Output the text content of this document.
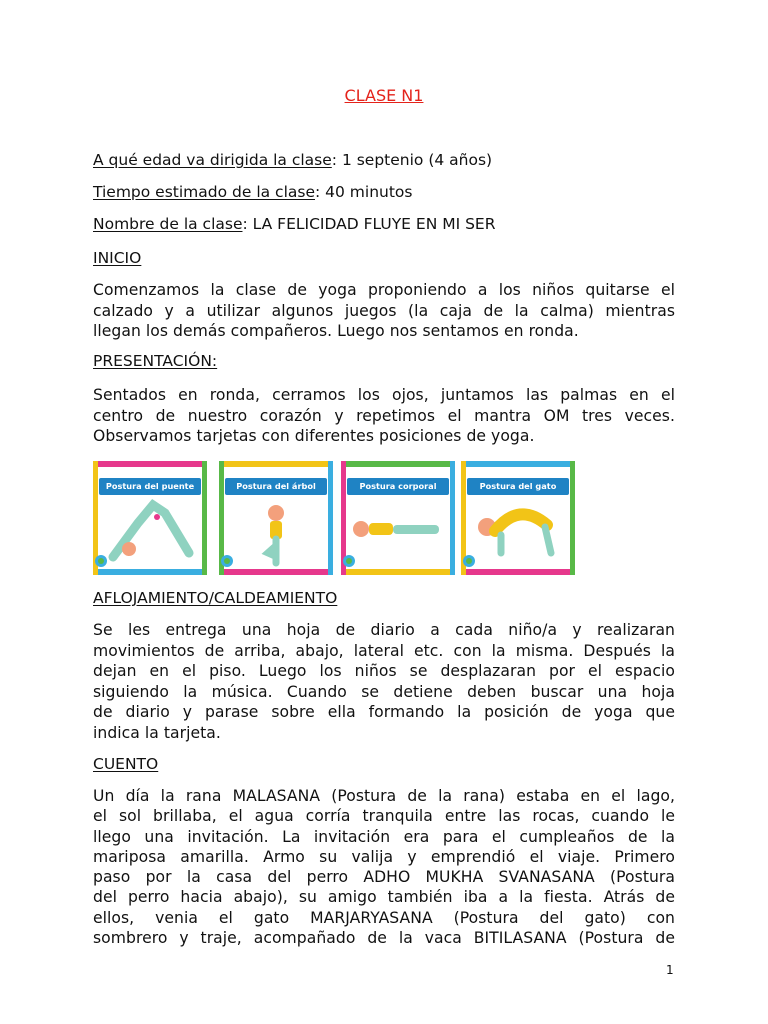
CLASE N1
A qué edad va dirigida la clase: 1 septenio (4 años)
Tiempo estimado de la clase: 40 minutos
Nombre de la clase: LA FELICIDAD FLUYE EN MI SER
INICIO
Comenzamos la clase de yoga proponiendo a los niños quitarse el
calzado y a utilizar algunos juegos (la caja de la calma) mientras
llegan los demás compañeros. Luego nos sentamos en ronda.
PRESENTACIÓN:
Sentados en ronda, cerramos los ojos, juntamos las palmas en el
centro de nuestro corazón y repetimos el mantra OM tres veces.
Observamos tarjetas con diferentes posiciones de yoga.
Postura del puente	Postura del árbol	Postura corporal	Postura del gato
AFLOJAMIENTO/CALDEAMIENTO
Se les entrega una hoja de diario a cada niño/a y realizaran
movimientos de arriba, abajo, lateral etc. con la misma. Después la
dejan en el piso. Luego los niños se desplazaran por el espacio
siguiendo la música. Cuando se detiene deben buscar una hoja
de diario y parase sobre ella formando la posición de yoga que
indica la tarjeta.
CUENTO
Un día la rana MALASANA (Postura de la rana) estaba en el lago,
el sol brillaba, el agua corría tranquila entre las rocas, cuando le
llego una invitación. La invitación era para el cumpleaños de la
mariposa amarilla. Armo su valija y emprendió el viaje. Primero
paso por la casa del perro ADHO MUKHA SVANASANA (Postura
del perro hacia abajo), su amigo también iba a la fiesta. Atrás de
ellos, venia el gato MARJARYASANA (Postura del gato) con
sombrero y traje, acompañado de la vaca BITILASANA (Postura de
1
